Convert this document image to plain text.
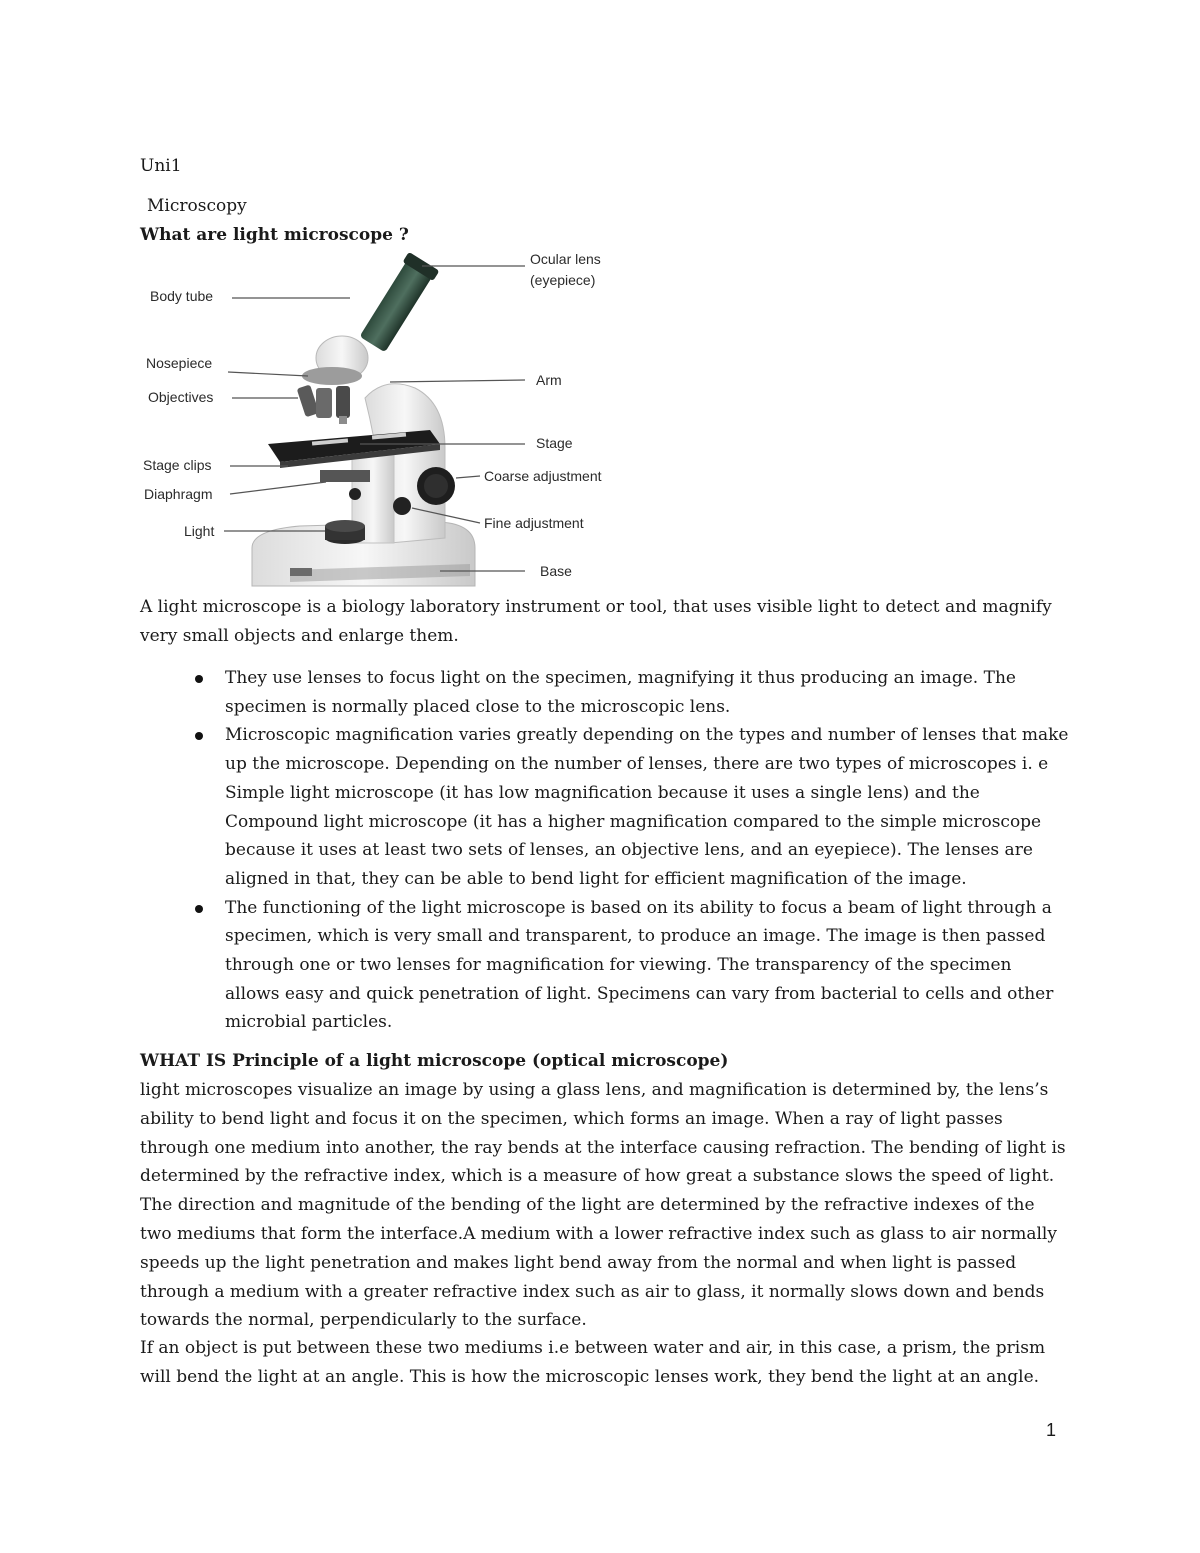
Uni1
Microscopy
What are light microscope ?
Ocular lens
(eyepiece)
Body tube
Nosepiece
Objectives
Arm
Stage
Stage clips
Coarse adjustment
Diaphragm
Light	Fine adjustment
Base

A light microscope is a biology laboratory instrument or tool, that uses visible light to detect and magnify very small objects and enlarge them.

They use lenses to focus light on the specimen, magnifying it thus producing an image. The specimen is normally placed close to the microscopic lens.
Microscopic magnification varies greatly depending on the types and number of lenses that make up the microscope. Depending on the number of lenses, there are two types of microscopes i. e Simple light microscope (it has low magnification because it uses a single lens) and the Compound light microscope (it has a higher magnification compared to the simple microscope because it uses at least two sets of lenses, an objective lens, and an eyepiece). The lenses are aligned in that, they can be able to bend light for efficient magnification of the image.
The functioning of the light microscope is based on its ability to focus a beam of light through a specimen, which is very small and transparent, to produce an image. The image is then passed through one or two lenses for magnification for viewing. The transparency of the specimen allows easy and quick penetration of light. Specimens can vary from bacterial to cells and other microbial particles.
WHAT IS Principle of a light microscope (optical microscope)

light microscopes visualize an image by using a glass lens, and magnification is determined by, the lens’s ability to bend light and focus it on the specimen, which forms an image. When a ray of light passes through one medium into another, the ray bends at the interface causing refraction. The bending of light is determined by the refractive index, which is a measure of how great a substance slows the speed of light. The direction and magnitude of the bending of the light are determined by the refractive indexes of the two mediums that form the interface.A medium with a lower refractive index such as glass to air normally speeds up the light penetration and makes light bend away from the normal and when light is passed through a medium with a greater refractive index such as air to glass, it normally slows down and bends towards the normal, perpendicularly to the surface.

If an object is put between these two mediums i.e between water and air, in this case, a prism, the prism will bend the light at an angle. This is how the microscopic lenses work, they bend the light at an angle.

1
